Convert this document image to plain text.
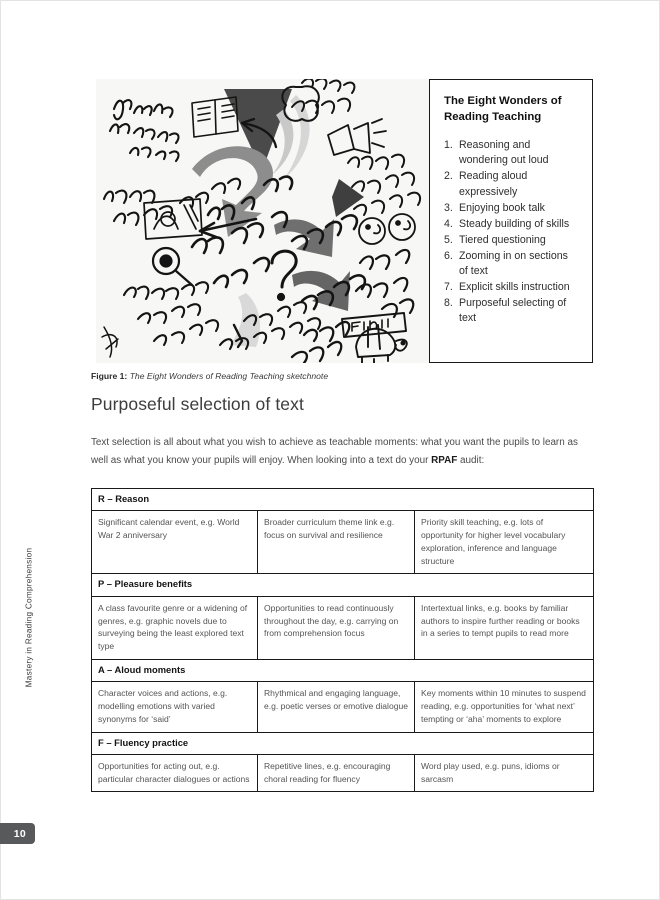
Mastery in Reading Comprehension
10
The Eight Wonders of Reading Teaching
1. Reasoning and wondering out loud
2. Reading aloud expressively
3. Enjoying book talk
4. Steady building of skills
5. Tiered questioning
6. Zooming in on sections of text
7. Explicit skills instruction
8. Purposeful selecting of text
Figure 1: The Eight Wonders of Reading Teaching sketchnote
Purposeful selection of text
Text selection is all about what you wish to achieve as teachable moments: what you want the pupils to learn as well as what you know your pupils will enjoy. When looking into a text do your RPAF audit:
R – Reason		
Significant calendar event, e.g. World War 2 anniversary	Broader curriculum theme link e.g. focus on survival and resilience	Priority skill teaching, e.g. lots of opportunity for higher level vocabulary exploration, inference and language structure
P – Pleasure benefits		
A class favourite genre or a widening of genres, e.g. graphic novels due to surveying being the least explored text type	Opportunities to read continuously throughout the day, e.g. carrying on from comprehension focus	Intertextual links, e.g. books by familiar authors to inspire further reading or books in a series to tempt pupils to read more
A – Aloud moments		
Character voices and actions, e.g. modelling emotions with varied synonyms for ‘said’	Rhythmical and engaging language, e.g. poetic verses or emotive dialogue	Key moments within 10 minutes to suspend reading, e.g. opportunities for ‘what next’ tempting or ‘aha’ moments to explore
F – Fluency practice		
Opportunities for acting out, e.g. particular character dialogues or actions	Repetitive lines, e.g. encouraging choral reading for fluency	Word play used, e.g. puns, idioms or sarcasm
